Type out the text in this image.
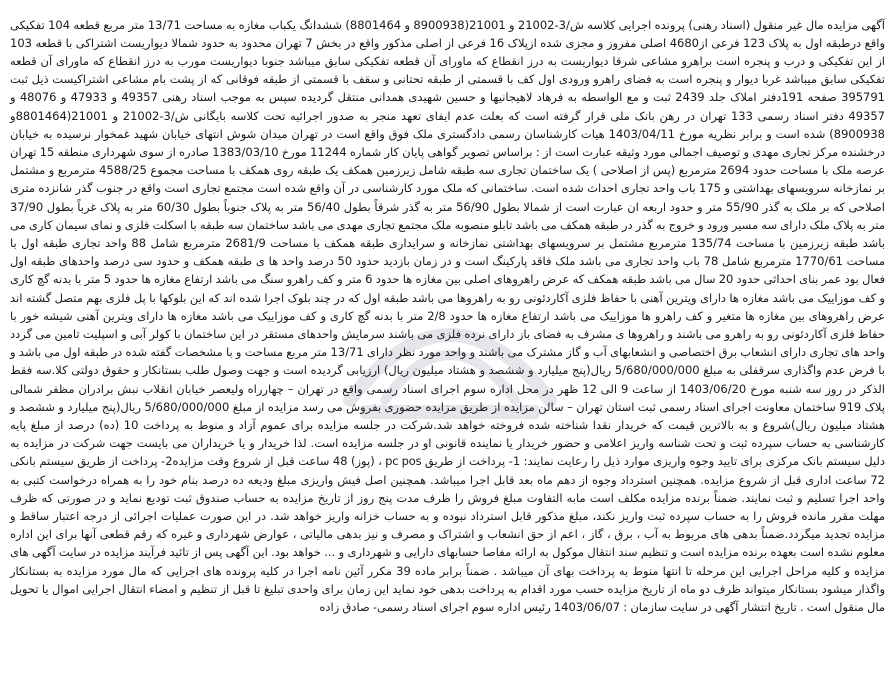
آگهی مزایده مال غیر منقول (اسناد رهنی) پرونده اجرایی کلاسه ش/3-21002 و 21001(8900938 و 8801464) ششدانگ یکباب مغازه به مساحت 13/71 متر مربع قطعه 104 تفکیکی واقع درطبقه اول به پلاک 123 فرعی از4680 اصلی مفروز و مجزی شده ازپلاک 16 فرعی از اصلی مذکور واقع در بخش 7 تهران محدود به حدود شمالا دیواریست اشتراکی با قطعه 103 از این تفکیکی و درب و پنجره است براهرو مشاعی شرقا دیواریست به درز انقطاع که ماورای آن قطعه تفکیکی سابق میباشد جنوبا دیواریست مورب به درز انقطاع که ماورای آن قطعه تفکیکی سابق میباشد غربا دیوار و پنجره است به فضای راهرو ورودی اول کف با قسمتی از طبقه تحتانی و سقف با قسمتی از طبقه فوقانی که از پشت بام مشاعی اشتراکیست ذیل ثبت 395791 صفحه 191دفتر املاک جلد 2439 ثبت و مع الواسطه به فرهاد لاهیجانیها و حسین شهیدی همدانی منتقل گردیده سپس به موجب اسناد رهنی 49357 و 47933 و 48076 و 49357 دفتر اسناد رسمی 133 تهران در رهن بانک ملی قرار گرفته است که بعلت عدم ایفای تعهد منجر به صدور اجرائیه تحت کلاسه بایگانی ش/3-21002 و 21001(8801464و 8900938) شده است و برابر نظریه مورخ 1403/04/11 هیات کارشناسان رسمی دادگستری ملک فوق واقع است در تهران میدان شوش انتهای خیابان شهید غمخوار نرسیده به خیابان درخشنده مرکز تجاری مهدی و توصیف اجمالی مورد وثیقه عبارت است از : براساس تصویر گواهی پایان کار شماره 11244 مورخ 1383/03/10 صادره از سوی شهرداری منطقه 15 تهران عرصه ملک با مساحت حدود 2694 مترمربع (پس از اصلاحی ) یک ساختمان تجاری سه طبقه شامل زیرزمین همکف یک طبقه روی همکف با مساحت مجموع 4588/25 مترمربع و مشتمل بر نمازخانه سرویسهای بهداشتی و 175 باب واحد تجاری احداث شده است. ساختمانی که ملک مورد کارشناسی در آن واقع شده است مجتمع تجاری است واقع در جنوب گذر شانزده متری اصلاحی که بر ملک به گذر 55/90 متر و حدود اربعه ان عبارت است از شمالا بطول 56/90 متر به گذر شرقاً بطول 56/40 متر به پلاک جنوباً بطول 60/30 متر به پلاک غرباً بطول 37/90 متر به پلاک ملک دارای سه مسیر ورود و خروج به گذر در طبقه همکف می باشد تابلو منصوبه ملک مجتمع تجاری مهدی می باشد ساختمان سه طبقه با اسکلت فلزی و نمای سیمان کاری می باشد طبقه زیرزمین با مساحت 135/74 مترمربع مشتمل بر سرویسهای بهداشتی نمازخانه و سرایداری طبقه همکف با مساحت 2681/9 مترمربع شامل 88 واحد تجاری طبقه اول با مساحت 1770/61 مترمربع شامل 78 باب واحد تجاری می باشد ملک فاقد پارکینگ است و در زمان بازدید حدود 50 درصد واحد ها ی طبقه همکف و حدود سی درصد واحدهای طبقه اول فعال بود عمر بنای احداثی حدود 20 سال می باشد طبقه همکف که عرض راهروهای اصلی بین مغازه ها حدود 6 متر و کف راهرو سنگ می باشد ارتفاع مغازه ها حدود 5 متر با بدنه گچ کاری و کف موزاییک می باشد مغازه ها دارای ویترین آهنی با حفاظ فلزی آکاردئونی رو به راهروها می باشد طبقه اول که در چند بلوک اجرا شده اند که این بلوکها با پل فلزی بهم متصل گشته اند عرض راهروهای بین مغازه ها متغیر و کف راهرو ها موزاییک می باشد ارتفاع مغازه ها حدود 2/8 متر با بدنه گچ کاری و کف موزاییک می باشد مغازه ها دارای ویترین آهنی شیشه خور با حفاظ فلزی آکاردئونی رو به راهرو می باشند و راهروها ی مشرف به فضای باز دارای نرده فلزی می باشند سرمایش واحدهای مستقر در این ساختمان با کولر آبی و اسپلیت تامین می گردد واحد های تجاری دارای انشعاب برق اختصاصی و انشعابهای آب و گاز مشترک می باشند و واحد مورد نظر دارای 13/71 متر مربع مساحت و با مشخصات گفته شده در طبقه اول می باشد و با فرض عدم واگذاری سرقفلی به مبلغ 5/680/000/000 ریال(پنج میلیارد و ششصد و هشتاد میلیون ریال) ارزیابی گردیده است و جهت وصول طلب بستانکار و حقوق دولتی کلا.سه فقط الذکر در روز سه شنبه مورخ 1403/06/20 از ساعت 9 الی 12 ظهر در محل اداره سوم اجرای اسناد رسمی واقع در تهران – چهارراه ولیعصر خیابان انقلاب نبش برادران مظفر شمالی پلاک 919 ساختمان معاونت اجرای اسناد رسمی ثبت استان تهران – سالن مزایده از طریق مزایده حضوری بفروش می رسد مزایده از مبلغ 5/680/000/000 ریال(پنج میلیارد و ششصد و هشتاد میلیون ریال)شروع و به بالاترین قیمت که خریدار نقدا شناخته شده فروخته خواهد شد.شرکت در جلسه مزایده برای عموم آزاد و منوط به پرداخت 10 (ده) درصد از مبلغ پایه کارشناسی به حساب سپرده ثبت و تحت شناسه واریز اعلامی و حضور خریدار یا نماینده قانونی او در جلسه مزایده است. لذا خریدار و یا خریداران می بایست جهت شرکت در مزایده به دلیل سیستم بانک مرکزی برای تایید وجوه واریزی موارد ذیل را رعایت نمایند: 1- پرداخت از طریق pc pos ، (پوز) 48 ساعت قبل از شروع وقت مزایده2- پرداخت از طریق سیستم بانکی 72 ساعت اداری قبل از شروع مزایده. همچنین استرداد وجوه از دهم ماه بعد قابل اجرا میباشد. همچنین اصل فیش واریزی مبلغ ودیعه ده درصد بنام خود را به همراه درخواست کتبی به واحد اجرا تسلیم و ثبت نمایند. ضمناً برنده مزایده مکلف است مابه التفاوت مبلغ فروش را ظرف مدت پنج روز از تاریخ مزایده به حساب صندوق ثبت تودیع نماید و در صورتی که ظرف مهلت مقرر مانده فروش را به حساب سپرده ثبت واریز نکند، مبلغ مذکور قابل استرداد نبوده و به حساب خزانه واریز خواهد شد. در این صورت عملیات اجرائی از درجه اعتبار ساقط و مزایده تجدید میگردد.ضمناً بدهی های مربوط به آب ، برق ، گاز ، اعم از حق انشعاب و اشتراک و مصرف و نیز بدهی مالیاتی ، عوارض شهرداری و غیره که رقم قطعی آنها برای این اداره معلوم نشده است بعهده برنده مزایده است و تنظیم سند انتقال موکول به ارائه مفاصا حسابهای دارایی و شهرداری و ... خواهد بود. این آگهی پس از تائید فرآیند مزایده در سایت آگهی های مزایده و کلیه مراحل اجرایی این مرحله تا انتها منوط به پرداخت بهای آن میباشد . ضمناً برابر ماده 39 مکرر آئین نامه اجرا در کلیه پرونده های اجرایی که مال مورد مزایده به بستانکار واگذار میشود بستانکار میتواند ظرف دو ماه از تاریخ مزایده حسب مورد اقدام به پرداخت بدهی خود نماید این زمان برای واحدی تبلیغ تا قبل از تنظیم و امضاء انتقال اجرایی اموال یا تحویل مال منقول است . تاریخ انتشار آگهی در سایت سازمان : 1403/06/07 رئیس اداره سوم اجرای اسناد رسمی- صادق زاده
